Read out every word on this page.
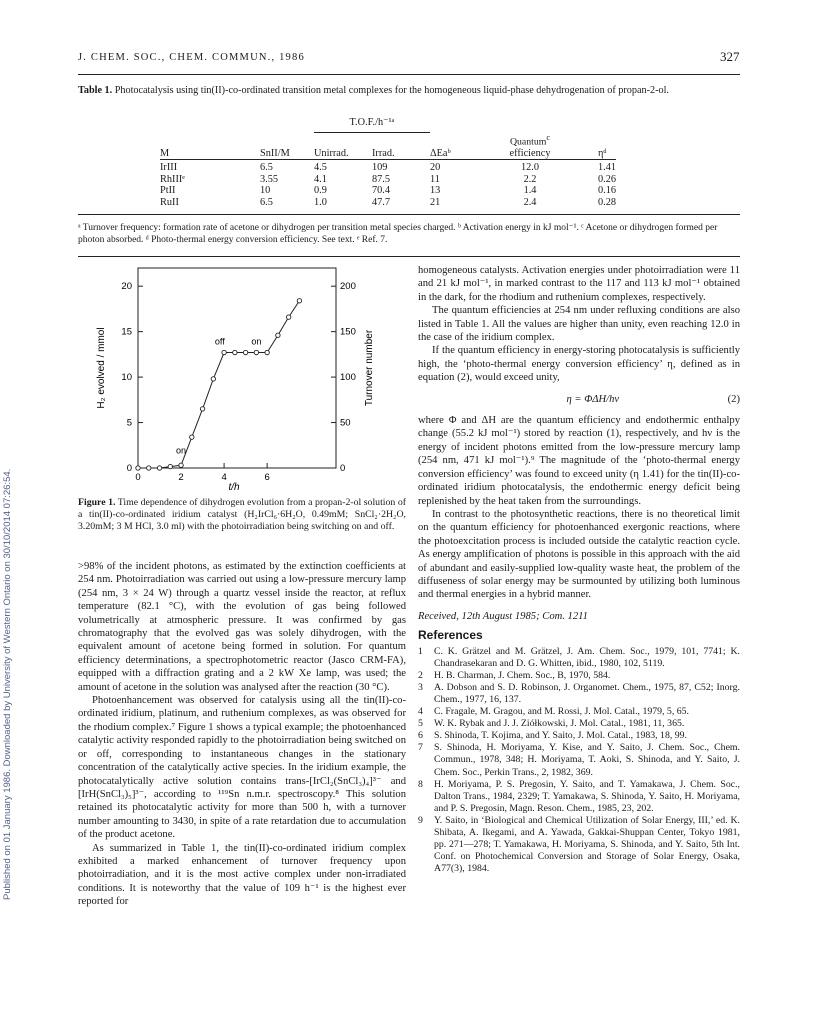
J. CHEM. SOC., CHEM. COMMUN., 1986	327
Published on 01 January 1986. Downloaded by University of Western Ontario on 30/10/2014 07:26:54.
Table 1. Photocatalysis using tin(II)-co-ordinated transition metal complexes for the homogeneous liquid-phase dehydrogenation of propan-2-ol.
		T.O.F./h⁻¹ᵃ				
					Quantum$^c$	
M	SnII/M	Unirrad.	Irrad.	ΔEaᵇ	efficiency	ηᵈ

IrIII	6.5	4.5	109	20	12.0	1.41
RhIIIᵉ	3.55	4.1	87.5	11	2.2	0.26
PtII	10	0.9	70.4	13	1.4	0.16
RuII	6.5	1.0	47.7	21	2.4	0.28
ᵃ Turnover frequency: formation rate of acetone or dihydrogen per transition metal species charged. ᵇ Activation energy in kJ mol⁻¹. ᶜ Acetone or dihydrogen formed per photon absorbed. ᵈ Photo-thermal energy conversion efficiency. See text. ᵉ Ref. 7.
0	2	4	6
0
5
10
15
20
0
50
100
150
200
on
off	on
t/h
H₂ evolved / mmol	Turnover number
Figure 1. Time dependence of dihydrogen evolution from a propan-2-ol solution of a tin(II)-co-ordinated iridium catalyst (H₂IrCl₆·6H₂O, 0.49mM; SnCl₂·2H₂O, 3.20mM; 3 M HCl, 3.0 ml) with the photoirradiation being switching on and off.

>98% of the incident photons, as estimated by the extinction coefficients at 254 nm. Photoirradiation was carried out using a low-pressure mercury lamp (254 nm, 3 × 24 W) through a quartz vessel inside the reactor, at reflux temperature (82.1 °C), with the evolution of gas being followed volumetrically at atmospheric pressure. It was confirmed by gas chromatography that the evolved gas was solely dihydrogen, with the equivalent amount of acetone being formed in solution. For quantum efficiency determinations, a spectrophotometric reactor (Jasco CRM-FA), equipped with a diffraction grating and a 2 kW Xe lamp, was used; the amount of acetone in the solution was analysed after the reaction (30 °C).

Photoenhancement was observed for catalysis using all the tin(II)-co-ordinated iridium, platinum, and ruthenium complexes, as was observed for the rhodium complex.⁷ Figure 1 shows a typical example; the photoenhanced catalytic activity responded rapidly to the photoirradiation being switched on or off, corresponding to instantaneous changes in the stationary concentration of the catalytically active species. In the iridium example, the photocatalytically active solution contains trans-[IrCl₂(SnCl₃)₄]³⁻ and [IrH(SnCl₃)₅]³⁻, according to ¹¹⁹Sn n.m.r. spectroscopy.⁸ This solution retained its photocatalytic activity for more than 500 h, with a turnover number amounting to 3430, in spite of a rate retardation due to accumulation of the product acetone.

As summarized in Table 1, the tin(II)-co-ordinated iridium complex exhibited a marked enhancement of turnover frequency upon photoirradiation, and it is the most active complex under non-irradiated conditions. It is noteworthy that the value of 109 h⁻¹ is the highest ever reported for

homogeneous catalysts. Activation energies under photoirradiation were 11 and 21 kJ mol⁻¹, in marked contrast to the 117 and 113 kJ mol⁻¹ obtained in the dark, for the rhodium and ruthenium complexes, respectively.

The quantum efficiencies at 254 nm under refluxing conditions are also listed in Table 1. All the values are higher than unity, even reaching 12.0 in the case of the iridium complex.

If the quantum efficiency in energy-storing photocatalysis is sufficiently high, the ‘photo-thermal energy conversion efficiency’ η, defined as in equation (2), would exceed unity,

η = ΦΔH/hν	(2)

where Φ and ΔH are the quantum efficiency and endothermic enthalpy change (55.2 kJ mol⁻¹) stored by reaction (1), respectively, and hν is the energy of incident photons emitted from the low-pressure mercury lamp (254 nm, 471 kJ mol⁻¹).⁹ The magnitude of the ‘photo-thermal energy conversion efficiency’ was found to exceed unity (η 1.41) for the tin(II)-co-ordinated iridium photocatalysis, the endothermic energy deficit being replenished by the heat taken from the surroundings.

In contrast to the photosynthetic reactions, there is no theoretical limit on the quantum efficiency for photoenhanced exergonic reactions, where the photoexcitation process is included outside the catalytic reaction cycle. As energy amplification of photons is possible in this approach with the aid of abundant and easily-supplied low-quality waste heat, the problem of the diffuseness of solar energy may be surmounted by utilizing both luminous and thermal energies in a hybrid manner.

Received, 12th August 1985; Com. 1211

References
1	C. K. Grätzel and M. Grätzel, J. Am. Chem. Soc., 1979, 101, 7741; K. Chandrasekaran and D. G. Whitten, ibid., 1980, 102, 5119.
2	H. B. Charman, J. Chem. Soc., B, 1970, 584.
3	A. Dobson and S. D. Robinson, J. Organomet. Chem., 1975, 87, C52; Inorg. Chem., 1977, 16, 137.
4	C. Fragale, M. Gragou, and M. Rossi, J. Mol. Catal., 1979, 5, 65.
5	W. K. Rybak and J. J. Ziółkowski, J. Mol. Catal., 1981, 11, 365.
6	S. Shinoda, T. Kojima, and Y. Saito, J. Mol. Catal., 1983, 18, 99.
7	S. Shinoda, H. Moriyama, Y. Kise, and Y. Saito, J. Chem. Soc., Chem. Commun., 1978, 348; H. Moriyama, T. Aoki, S. Shinoda, and Y. Saito, J. Chem. Soc., Perkin Trans., 2, 1982, 369.
8	H. Moriyama, P. S. Pregosin, Y. Saito, and T. Yamakawa, J. Chem. Soc., Dalton Trans., 1984, 2329; T. Yamakawa, S. Shinoda, Y. Saito, H. Moriyama, and P. S. Pregosin, Magn. Reson. Chem., 1985, 23, 202.
9	Y. Saito, in ‘Biological and Chemical Utilization of Solar Energy, III,’ ed. K. Shibata, A. Ikegami, and A. Yawada, Gakkai-Shuppan Center, Tokyo 1981, pp. 271—278; T. Yamakawa, H. Moriyama, S. Shinoda, and Y. Saito, 5th Int. Conf. on Photochemical Conversion and Storage of Solar Energy, Osaka, A77(3), 1984.
